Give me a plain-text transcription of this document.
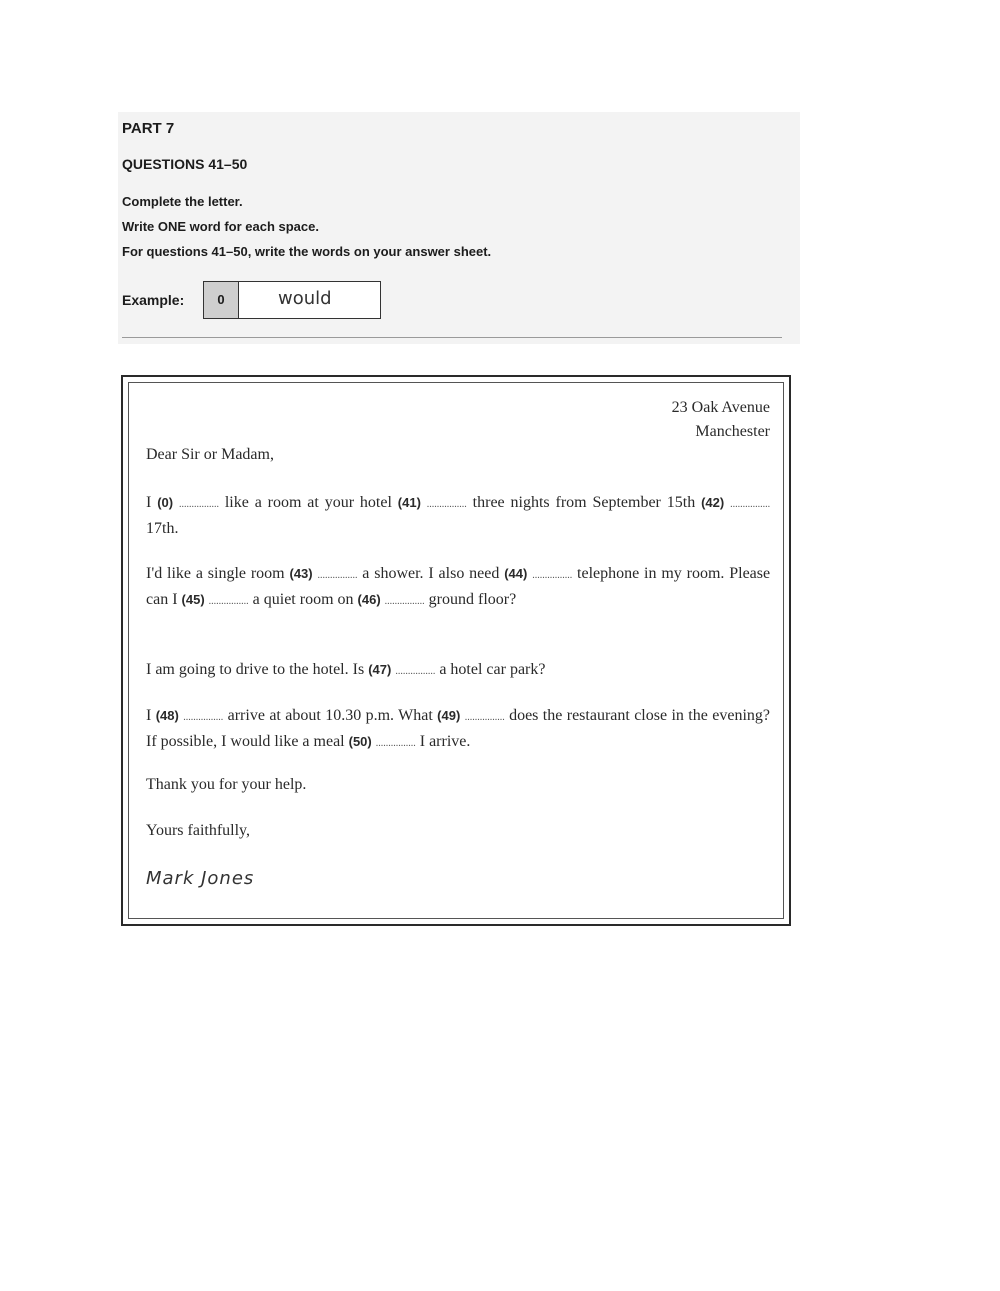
PART 7
QUESTIONS 41–50
Complete the letter.
Write ONE word for each space.
For questions 41–50, write the words on your answer sheet.
Example:	0	would
23 Oak Avenue
Manchester
Dear Sir or Madam,
I (0) ................ like a room at your hotel (41) ................ three nights from September 15th (42) ................ 17th.
I'd like a single room (43) ................ a shower. I also need (44) ................ telephone in my room. Please can I (45) ................ a quiet room on (46) ................ ground floor?
I am going to drive to the hotel. Is (47) ................ a hotel car park?
I (48) ................ arrive at about 10.30 p.m. What (49) ................ does the restaurant close in the evening? If possible, I would like a meal (50) ................ I arrive.
Thank you for your help.
Yours faithfully,
Mark Jones
